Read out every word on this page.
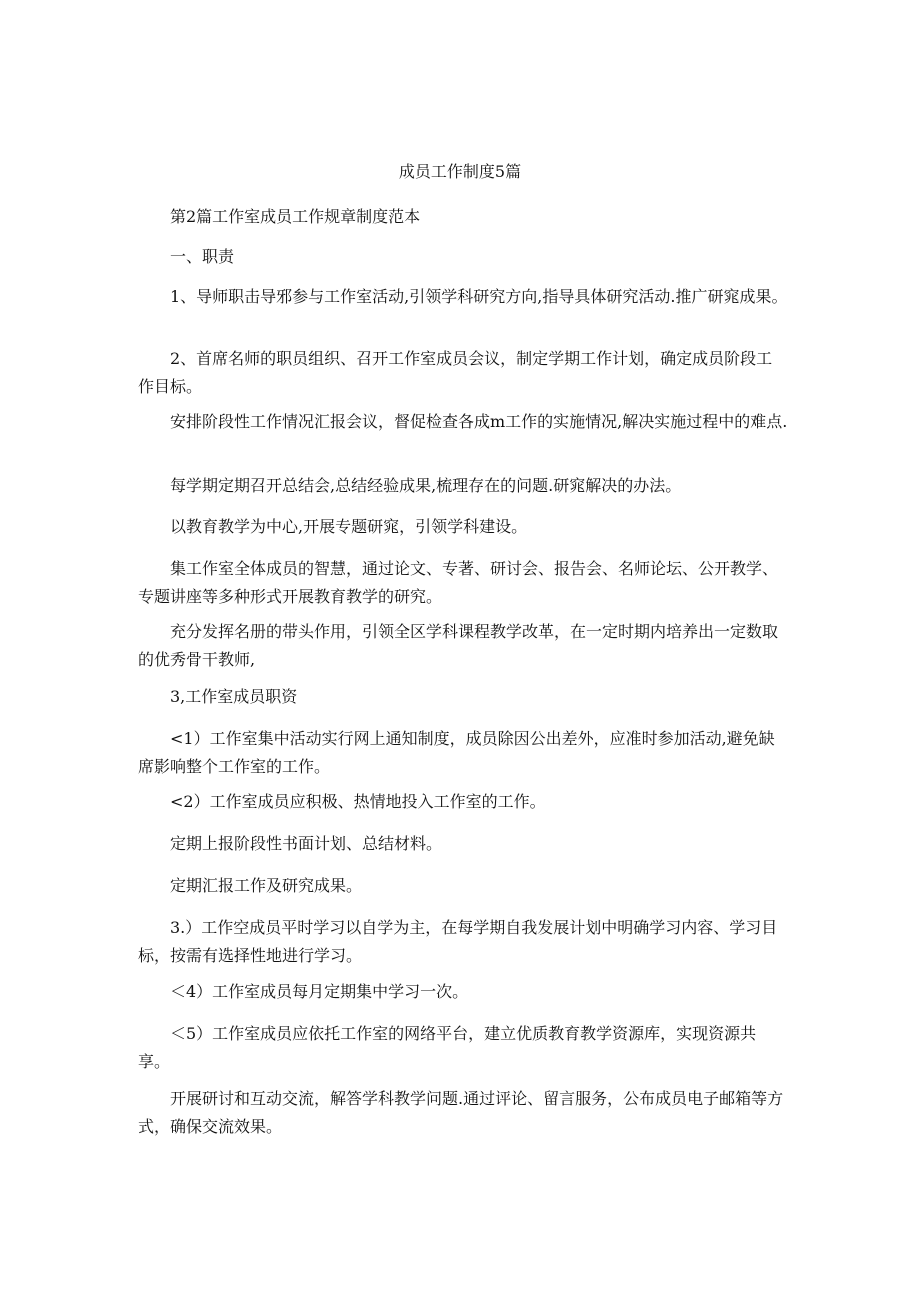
成员工作制度5篇

第2篇工作室成员工作规章制度范本

一、职责

1、导师职击导邪参与工作室活动,引领学科研究方向,指导具体研究活动.推广研窕成果。

2、首席名师的职员组织、召开工作室成员会议，制定学期工作计划，确定成员阶段工作目标。

安排阶段性工作情况汇报会议，督促检查各成m工作的实施情况,解决实施过程中的难点.

每学期定期召开总结会,总结经验成果,梳理存在的问题.研窕解决的办法。

以教育教学为中心,开展专题研窕，引领学科建设。

集工作室全体成员的智慧，通过论文、专著、研讨会、报告会、名师论坛、公开教学、专题讲座等多种形式开展教育教学的研究。

充分发挥名册的带头作用，引领全区学科课程教学改革，在一定时期内培养出一定数取的优秀骨干教师,

3,工作室成员职资

<1）工作室集中活动实行网上通知制度，成员除因公出差外，应准时参加活动,避免缺席影响整个工作室的工作。

<2）工作室成员应积极、热情地投入工作室的工作。

定期上报阶段性书面计划、总结材料。

定期汇报工作及研究成果。

3.）工作空成员平时学习以自学为主，在每学期自我发展计划中明确学习内容、学习目标，按需有选择性地进行学习。

＜4）工作室成员每月定期集中学习一次。

＜5）工作室成员应依托工作室的网络平台，建立优质教育教学资源库，实现资源共享。

开展研讨和互动交流，解答学科教学问题.通过评论、留言服务，公布成员电子邮箱等方式，确保交流效果。
